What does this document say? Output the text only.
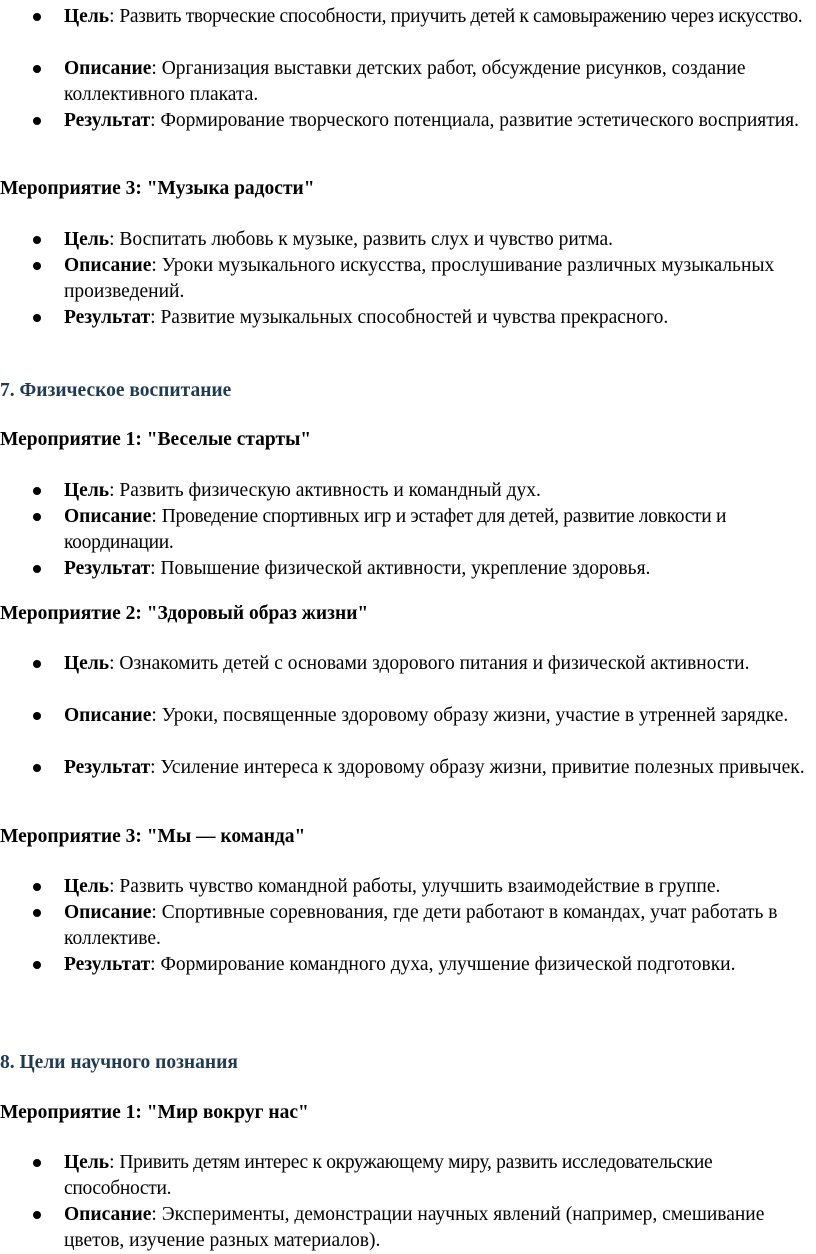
Цель: Развить творческие способности, приучить детей к самовыражению через искусство.
Описание: Организация выставки детских работ, обсуждение рисунков, создание коллективного плаката.
Результат: Формирование творческого потенциала, развитие эстетического восприятия.
Мероприятие 3: "Музыка радости"
Цель: Воспитать любовь к музыке, развить слух и чувство ритма.
Описание: Уроки музыкального искусства, прослушивание различных музыкальных произведений.
Результат: Развитие музыкальных способностей и чувства прекрасного.
7. Физическое воспитание
Мероприятие 1: "Веселые старты"
Цель: Развить физическую активность и командный дух.
Описание: Проведение спортивных игр и эстафет для детей, развитие ловкости и координации.
Результат: Повышение физической активности, укрепление здоровья.
Мероприятие 2: "Здоровый образ жизни"
Цель: Ознакомить детей с основами здорового питания и физической активности.
Описание: Уроки, посвященные здоровому образу жизни, участие в утренней зарядке.
Результат: Усиление интереса к здоровому образу жизни, привитие полезных привычек.
Мероприятие 3: "Мы — команда"
Цель: Развить чувство командной работы, улучшить взаимодействие в группе.
Описание: Спортивные соревнования, где дети работают в командах, учат работать в коллективе.
Результат: Формирование командного духа, улучшение физической подготовки.
8. Цели научного познания
Мероприятие 1: "Мир вокруг нас"
Цель: Привить детям интерес к окружающему миру, развить исследовательские способности.
Описание: Эксперименты, демонстрации научных явлений (например, смешивание цветов, изучение разных материалов).
